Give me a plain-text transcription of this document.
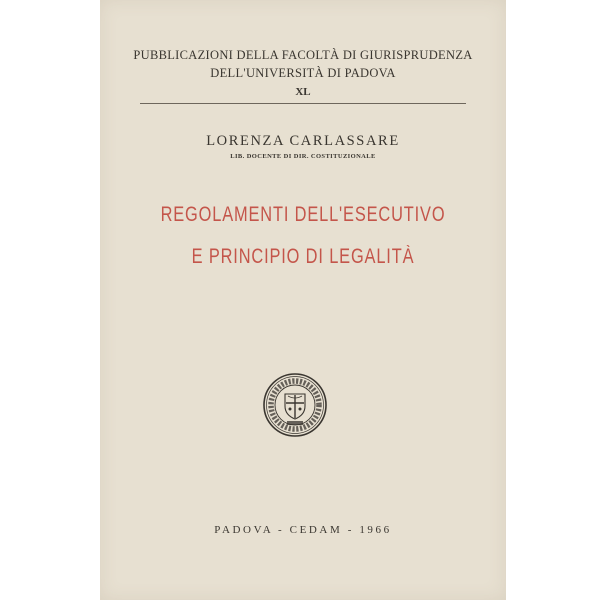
PUBBLICAZIONI DELLA FACOLTÀ DI GIURISPRUDENZA
DELL'UNIVERSITÀ DI PADOVA
XL
LORENZA CARLASSARE
LIB. DOCENTE DI DIR. COSTITUZIONALE
REGOLAMENTI DELL'ESECUTIVO
E PRINCIPIO DI LEGALITÀ
PADOVA - CEDAM - 1966
